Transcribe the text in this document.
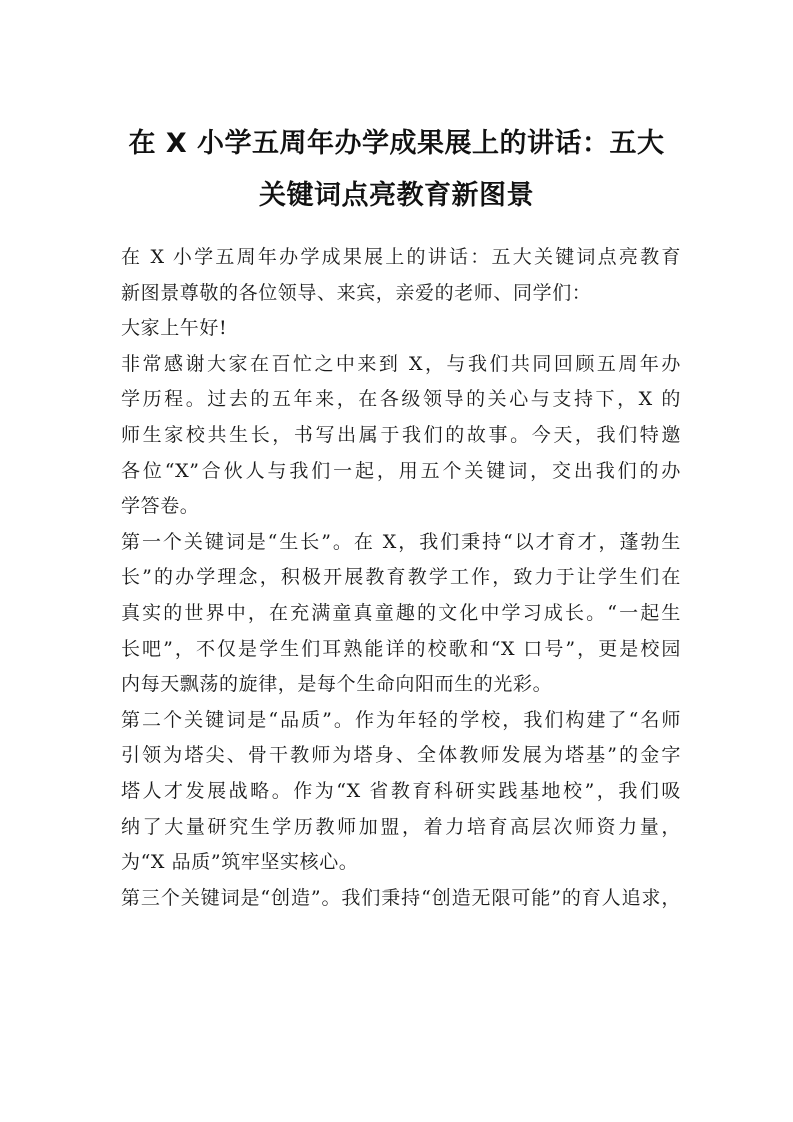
在 X 小学五周年办学成果展上的讲话：五大
关键词点亮教育新图景
在 X 小学五周年办学成果展上的讲话：五大关键词点亮教育
新图景尊敬的各位领导、来宾，亲爱的老师、同学们：
大家上午好!
非常感谢大家在百忙之中来到 X，与我们共同回顾五周年办
学历程。过去的五年来，在各级领导的关心与支持下，X 的
师生家校共生长，书写出属于我们的故事。今天，我们特邀
各位“X”合伙人与我们一起，用五个关键词，交出我们的办
学答卷。
第一个关键词是“生长”。在 X，我们秉持“以才育才，蓬勃生
长”的办学理念，积极开展教育教学工作，致力于让学生们在
真实的世界中，在充满童真童趣的文化中学习成长。“一起生
长吧”，不仅是学生们耳熟能详的校歌和“X 口号”，更是校园
内每天飘荡的旋律，是每个生命向阳而生的光彩。
第二个关键词是“品质”。作为年轻的学校，我们构建了“名师
引领为塔尖、骨干教师为塔身、全体教师发展为塔基”的金字
塔人才发展战略。作为“X 省教育科研实践基地校”，我们吸
纳了大量研究生学历教师加盟，着力培育高层次师资力量，
为“X 品质”筑牢坚实核心。
第三个关键词是“创造”。我们秉持“创造无限可能”的育人追求，
